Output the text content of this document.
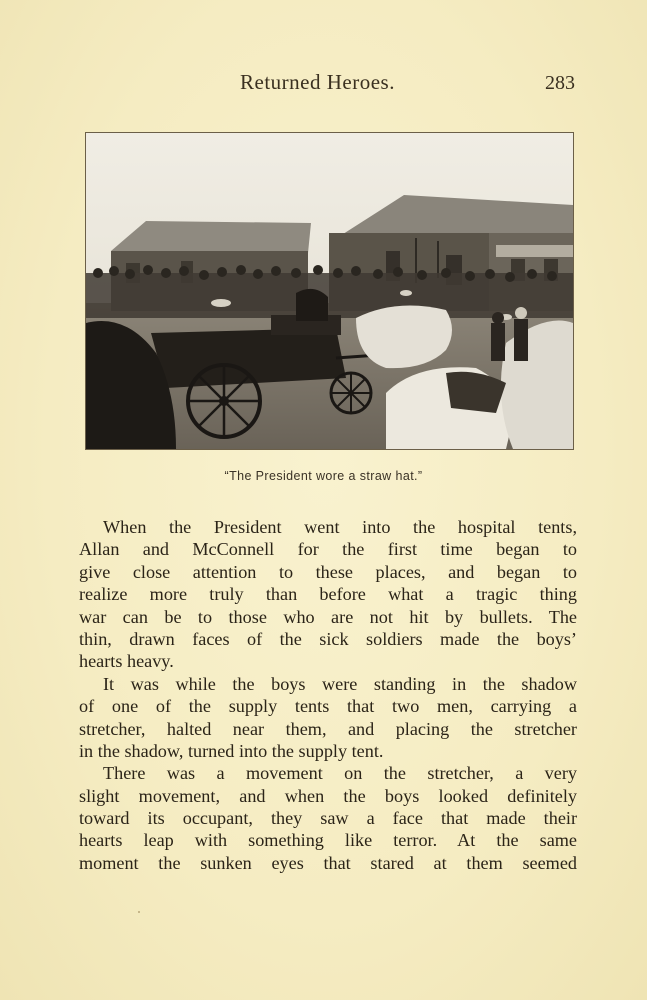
Returned Heroes.	283
“The President wore a straw hat.”
When the President went into the hospital tents,
Allan and McConnell for the first time began to
give close attention to these places, and began to
realize more truly than before what a tragic thing
war can be to those who are not hit by bullets. The
thin, drawn faces of the sick soldiers made the boys’
hearts heavy.
It was while the boys were standing in the shadow
of one of the supply tents that two men, carrying a
stretcher, halted near them, and placing the stretcher
in the shadow, turned into the supply tent.
There was a movement on the stretcher, a very
slight movement, and when the boys looked definitely
toward its occupant, they saw a face that made their
hearts leap with something like terror. At the same
moment the sunken eyes that stared at them seemed
